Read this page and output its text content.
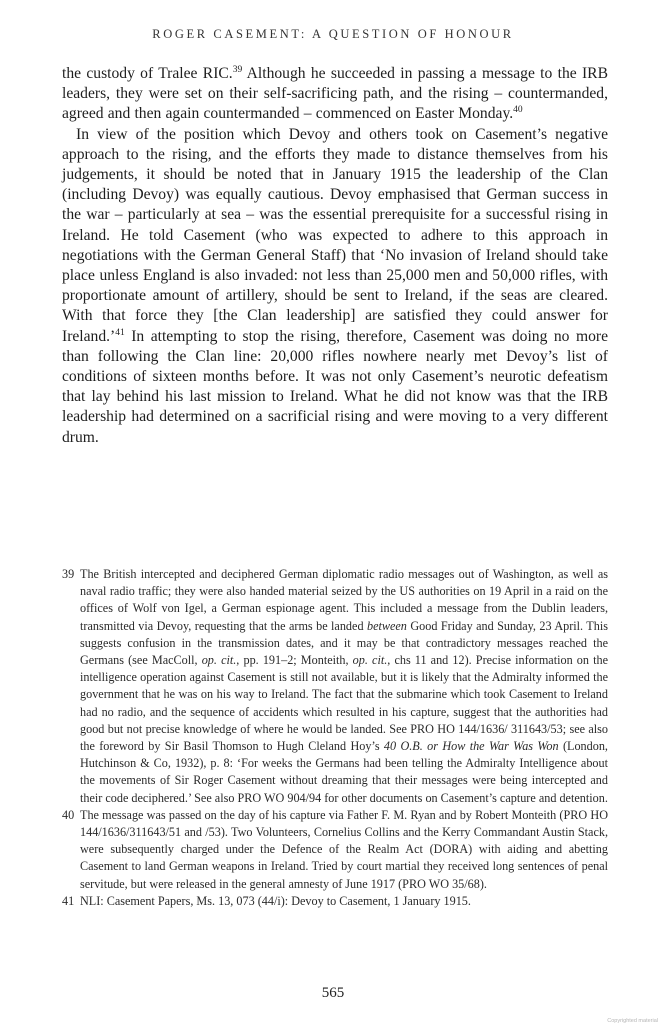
ROGER CASEMENT: A QUESTION OF HONOUR

the custody of Tralee RIC.$^{39}$ Although he succeeded in passing a message to the IRB leaders, they were set on their self-sacrificing path, and the rising – countermanded, agreed and then again countermanded – commenced on Easter Monday.$^{40}$

In view of the position which Devoy and others took on Casement’s negative approach to the rising, and the efforts they made to distance themselves from his judgements, it should be noted that in January 1915 the leadership of the Clan (including Devoy) was equally cautious. Devoy emphasised that German success in the war – particularly at sea – was the essential prerequisite for a successful rising in Ireland. He told Casement (who was expected to adhere to this approach in negotiations with the German General Staff) that ‘No invasion of Ireland should take place unless England is also invaded: not less than 25,000 men and 50,000 rifles, with proportionate amount of artillery, should be sent to Ireland, if the seas are cleared. With that force they [the Clan leadership] are satisfied they could answer for Ireland.’$^{41}$ In attempting to stop the rising, therefore, Casement was doing no more than following the Clan line: 20,000 rifles nowhere nearly met Devoy’s list of conditions of sixteen months before. It was not only Casement’s neurotic defeatism that lay behind his last mission to Ireland. What he did not know was that the IRB leadership had determined on a sacrificial rising and were moving to a very different drum.

39 The British intercepted and deciphered German diplomatic radio messages out of Washington, as well as naval radio traffic; they were also handed material seized by the US authorities on 19 April in a raid on the offices of Wolf von Igel, a German espionage agent. This included a message from the Dublin leaders, transmitted via Devoy, requesting that the arms be landed between Good Friday and Sunday, 23 April. This suggests confusion in the transmission dates, and it may be that contradictory messages reached the Germans (see MacColl, op. cit., pp. 191–2; Monteith, op. cit., chs 11 and 12). Precise information on the intelligence operation against Casement is still not available, but it is likely that the Admiralty informed the government that he was on his way to Ireland. The fact that the submarine which took Casement to Ireland had no radio, and the sequence of accidents which resulted in his capture, suggest that the authorities had good but not precise knowledge of where he would be landed. See PRO HO 144/1636/ 311643/53; see also the foreword by Sir Basil Thomson to Hugh Cleland Hoy’s 40 O.B. or How the War Was Won (London, Hutchinson & Co, 1932), p. 8: ‘For weeks the Germans had been telling the Admiralty Intelligence about the movements of Sir Roger Casement without dreaming that their messages were being intercepted and their code deciphered.’ See also PRO WO 904/94 for other documents on Casement’s capture and detention.
40 The message was passed on the day of his capture via Father F. M. Ryan and by Robert Monteith (PRO HO 144/1636/311643/51 and /53). Two Volunteers, Cornelius Collins and the Kerry Commandant Austin Stack, were subsequently charged under the Defence of the Realm Act (DORA) with aiding and abetting Casement to land German weapons in Ireland. Tried by court martial they received long sentences of penal servitude, but were released in the general amnesty of June 1917 (PRO WO 35/68).
41 NLI: Casement Papers, Ms. 13, 073 (44/i): Devoy to Casement, 1 January 1915.
565
Copyrighted material
